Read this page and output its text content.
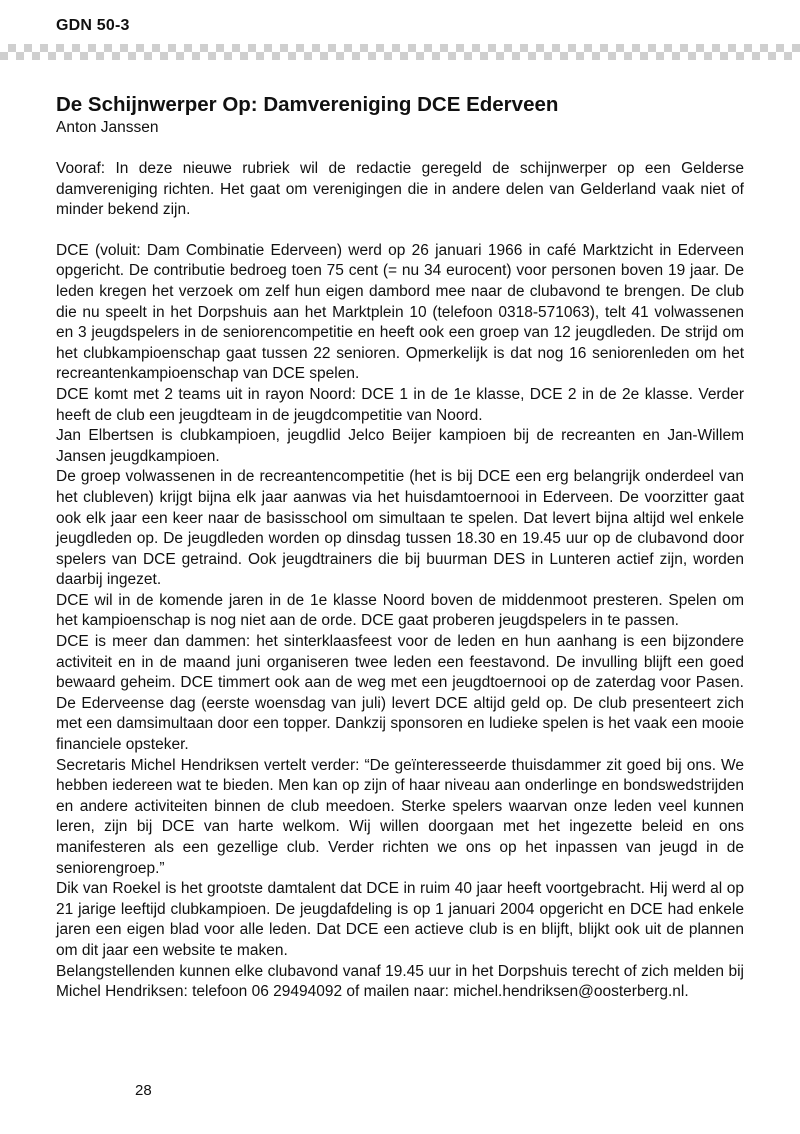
GDN 50-3
De Schijnwerper Op: Damvereniging DCE Ederveen

Anton Janssen

Vooraf: In deze nieuwe rubriek wil de redactie geregeld de schijnwerper op een Gelderse damvereniging richten. Het gaat om verenigingen die in andere delen van Gelderland vaak niet of minder bekend zijn.

DCE (voluit: Dam Combinatie Ederveen) werd op 26 januari 1966 in café Marktzicht in Ederveen opgericht. De contributie bedroeg toen 75 cent (= nu 34 eurocent) voor personen boven 19 jaar. De leden kregen het verzoek om zelf hun eigen dambord mee naar de clubavond te brengen. De club die nu speelt in het Dorpshuis aan het Marktplein 10 (telefoon 0318-571063), telt 41 volwassenen en 3 jeugdspelers in de seniorencompetitie en heeft ook een groep van 12 jeugdleden. De strijd om het clubkampioenschap gaat tussen 22 senioren. Opmerkelijk is dat nog 16 seniorenleden om het recreantenkampioenschap van DCE spelen.

DCE komt met 2 teams uit in rayon Noord: DCE 1 in de 1e klasse, DCE 2 in de 2e klasse. Verder heeft de club een jeugdteam in de jeugdcompetitie van Noord.

Jan Elbertsen is clubkampioen, jeugdlid Jelco Beijer kampioen bij de recreanten en Jan-Willem Jansen jeugdkampioen.

De groep volwassenen in de recreantencompetitie (het is bij DCE een erg belangrijk onderdeel van het clubleven) krijgt bijna elk jaar aanwas via het huisdamtoernooi in Ederveen. De voorzitter gaat ook elk jaar een keer naar de basisschool om simultaan te spelen. Dat levert bijna altijd wel enkele jeugdleden op. De jeugdleden worden op dinsdag tussen 18.30 en 19.45 uur op de clubavond door spelers van DCE getraind. Ook jeugdtrainers die bij buurman DES in Lunteren actief zijn, worden daarbij ingezet.

DCE wil in de komende jaren in de 1e klasse Noord boven de middenmoot presteren. Spelen om het kampioenschap is nog niet aan de orde. DCE gaat proberen jeugdspelers in te passen.

DCE is meer dan dammen: het sinterklaasfeest voor de leden en hun aanhang is een bijzondere activiteit en in de maand juni organiseren twee leden een feestavond. De invulling blijft een goed bewaard geheim. DCE timmert ook aan de weg met een jeugdtoernooi op de zaterdag voor Pasen. De Ederveense dag (eerste woensdag van juli) levert DCE altijd geld op. De club presenteert zich met een damsimultaan door een topper. Dankzij sponsoren en ludieke spelen is het vaak een mooie financiele opsteker.

Secretaris Michel Hendriksen vertelt verder: “De geïnteresseerde thuisdammer zit goed bij ons. We hebben iedereen wat te bieden. Men kan op zijn of haar niveau aan onderlinge en bondswedstrijden en andere activiteiten binnen de club meedoen. Sterke spelers waarvan onze leden veel kunnen leren, zijn bij DCE van harte welkom. Wij willen doorgaan met het ingezette beleid en ons manifesteren als een gezellige club. Verder richten we ons op het inpassen van jeugd in de seniorengroep.”

Dik van Roekel is het grootste damtalent dat DCE in ruim 40 jaar heeft voortgebracht. Hij werd al op 21 jarige leeftijd clubkampioen. De jeugdafdeling is op 1 januari 2004 opgericht en DCE had enkele jaren een eigen blad voor alle leden. Dat DCE een actieve club is en blijft, blijkt ook uit de plannen om dit jaar een website te maken.

Belangstellenden kunnen elke clubavond vanaf 19.45 uur in het Dorpshuis terecht of zich melden bij Michel Hendriksen: telefoon 06 29494092 of mailen naar: michel.hendriksen@oosterberg.nl.

28
